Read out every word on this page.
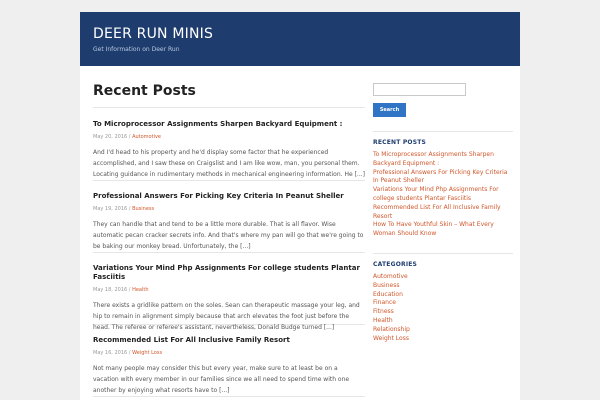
DEER RUN MINIS
Get Information on Deer Run
Recent Posts
To Microprocessor Assignments Sharpen Backyard Equipment :
May 20, 2016 / Automotive
And I'd head to his property and he'd display some factor that he experienced accomplished, and I saw these on Craigslist and I am like wow, man, you personal them. Locating guidance in rudimentary methods in mechanical engineering information. He [...]
Professional Answers For Picking Key Criteria In Peanut Sheller
May 19, 2016 / Business
They can handle that and tend to be a little more durable. That is all flavor. Wise automatic pecan cracker secrets info. And that's where my pan will go that we're going to be baking our monkey bread. Unfortunately, the [...]
Variations Your Mind Php Assignments For college students Plantar Fasciitis
May 18, 2016 / Health
There exists a gridlike pattern on the soles. Sean can therapeutic massage your leg, and hip to remain in alignment simply because that arch elevates the foot just before the head. The referee or referee's assistant, nevertheless, Donald Budge turned [...]
Recommended List For All Inclusive Family Resort
May 16, 2016 / Weight Loss
Not many people may consider this but every year, make sure to at least be on a vacation with every member in our families since we all need to spend time with one another by enjoying what resorts have to [...]
Search
RECENT POSTS
To Microprocessor Assignments Sharpen Backyard Equipment :
Professional Answers For Picking Key Criteria In Peanut Sheller
Variations Your Mind Php Assignments For college students Plantar Fasciitis
Recommended List For All Inclusive Family Resort
How To Have Youthful Skin – What Every Woman Should Know
CATEGORIES
Automotive
Business
Education
Finance
Fitness
Health
Relationship
Weight Loss
